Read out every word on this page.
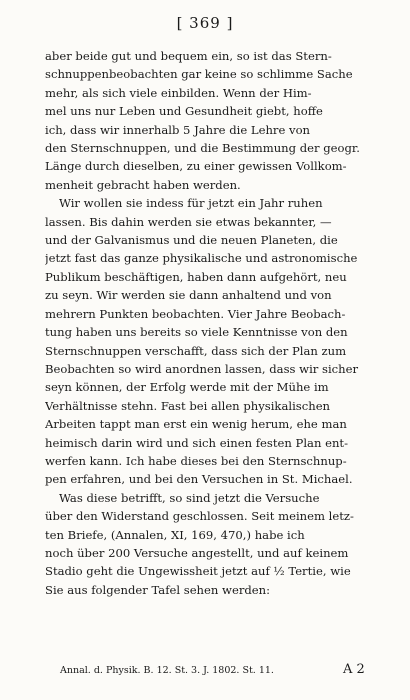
[ 369 ]
aber beide gut und bequem ein, so ist das Stern-
schnuppenbeobachten gar keine so schlimme Sache
mehr, als sich viele einbilden. Wenn der Him-
mel uns nur Leben und Gesundheit giebt, hoffe
ich, dass wir innerhalb 5 Jahre die Lehre von
den Sternschnuppen, und die Bestimmung der geogr.
Länge durch dieselben, zu einer gewissen Vollkom-
menheit gebracht haben werden.
Wir wollen sie indess für jetzt ein Jahr ruhen
lassen. Bis dahin werden sie etwas bekannter, —
und der Galvanismus und die neuen Planeten, die
jetzt fast das ganze physikalische und astronomische
Publikum beschäftigen, haben dann aufgehört, neu
zu seyn. Wir werden sie dann anhaltend und von
mehrern Punkten beobachten. Vier Jahre Beobach-
tung haben uns bereits so viele Kenntnisse von den
Sternschnuppen verschafft, dass sich der Plan zum
Beobachten so wird anordnen lassen, dass wir sicher
seyn können, der Erfolg werde mit der Mühe im
Verhältnisse stehn. Fast bei allen physikalischen
Arbeiten tappt man erst ein wenig herum, ehe man
heimisch darin wird und sich einen festen Plan ent-
werfen kann. Ich habe dieses bei den Sternschnup-
pen erfahren, und bei den Versuchen in St. Michael.
Was diese betrifft, so sind jetzt die Versuche
über den Widerstand geschlossen. Seit meinem letz-
ten Briefe, (Annalen, XI, 169, 470,) habe ich
noch über 200 Versuche angestellt, und auf keinem
Stadio geht die Ungewissheit jetzt auf ½ Tertie, wie
Sie aus folgender Tafel sehen werden:
Annal. d. Physik. B. 12. St. 3. J. 1802. St. 11.	A 2
